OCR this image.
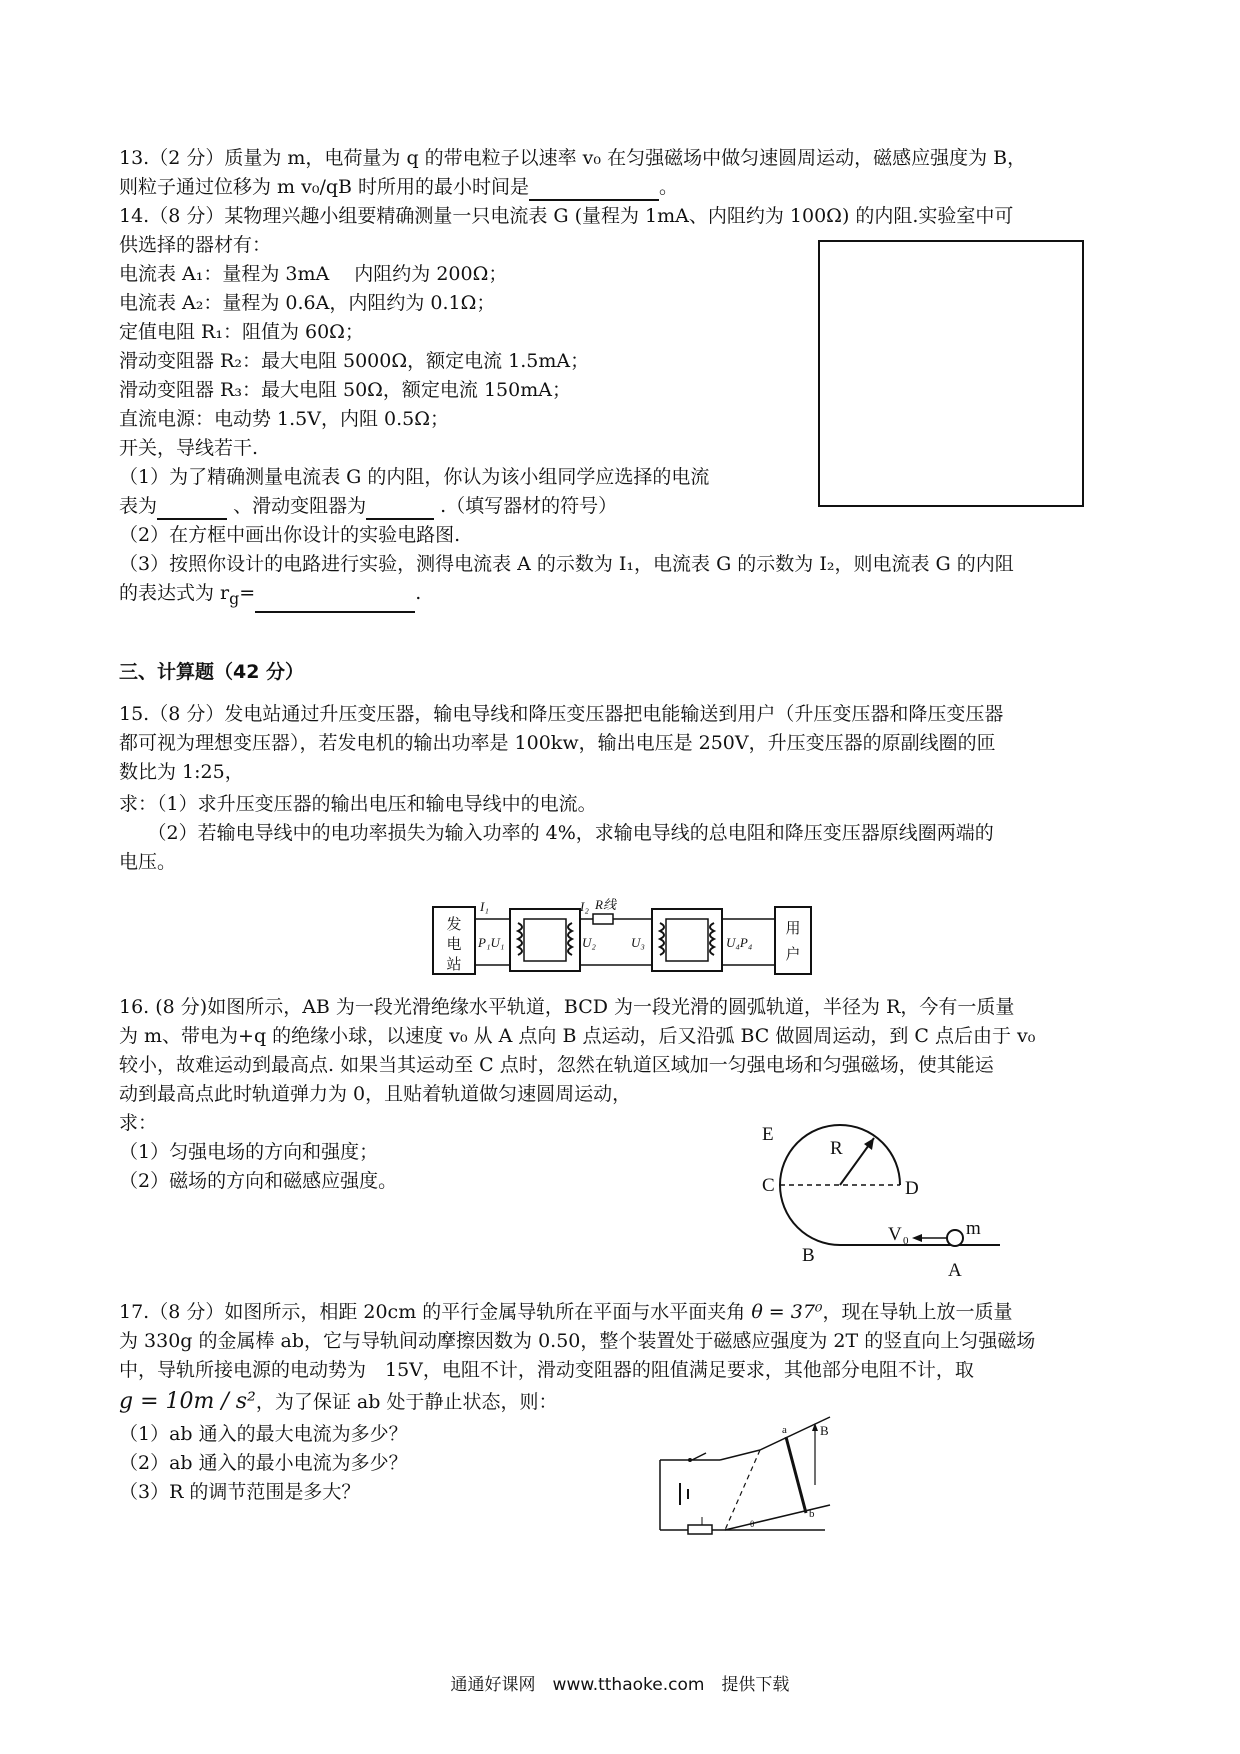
13.（2 分）质量为 m，电荷量为 q 的带电粒子以速率 v₀ 在匀强磁场中做匀速圆周运动，磁感应强度为 B，
则粒子通过位移为 m v₀/qB 时所用的最小时间是	。
14.（8 分）某物理兴趣小组要精确测量一只电流表 G (量程为 1mA、内阻约为 100Ω) 的内阻.实验室中可
供选择的器材有：
电流表 A₁：量程为 3mA　 内阻约为 200Ω；
电流表 A₂：量程为 0.6A，内阻约为 0.1Ω；
定值电阻 R₁：阻值为 60Ω；
滑动变阻器 R₂：最大电阻 5000Ω，额定电流 1.5mA；
滑动变阻器 R₃：最大电阻 50Ω，额定电流 150mA；
直流电源：电动势 1.5V，内阻 0.5Ω；
开关，导线若干.
（1）为了精确测量电流表 G 的内阻，你认为该小组同学应选择的电流
表为	、滑动变阻器为	.（填写器材的符号）
（2）在方框中画出你设计的实验电路图.
（3）按照你设计的电路进行实验，测得电流表 A 的示数为 I₁，电流表 G 的示数为 I₂，则电流表 G 的内阻
的表达式为 $r_g=$	.
三、计算题（42 分）
15.（8 分）发电站通过升压变压器，输电导线和降压变压器把电能输送到用户（升压变压器和降压变压器
都可视为理想变压器），若发电机的输出功率是 100kw，输出电压是 250V，升压变压器的原副线圈的匝
数比为 1:25，
求：（1）求升压变压器的输出电压和输电导线中的电流。
　　（2）若输电导线中的电功率损失为输入功率的 4%，求输电导线的总电阻和降压变压器原线圈两端的
电压。
发
电
站
用
户
I₁	I₂ R线
P₁U₁	U₂	U₃	U₄P₄
16. (8 分)如图所示，AB 为一段光滑绝缘水平轨道，BCD 为一段光滑的圆弧轨道，半径为 R，今有一质量
为 m、带电为+q 的绝缘小球，以速度 v₀ 从 A 点向 B 点运动，后又沿弧 BC 做圆周运动，到 C 点后由于 v₀
较小，故难运动到最高点. 如果当其运动至 C 点时，忽然在轨道区域加一匀强电场和匀强磁场，使其能运
动到最高点此时轨道弹力为 0，且贴着轨道做匀速圆周运动，
求：
（1）匀强电场的方向和强度；
（2）磁场的方向和磁感应强度。
E
R
C	D
B
V 0
m
A
17.（8 分）如图所示，相距 20cm 的平行金属导轨所在平面与水平面夹角 θ = 37⁰，现在导轨上放一质量
为 330g 的金属棒 ab，它与导轨间动摩擦因数为 0.50，整个装置处于磁感应强度为 2T 的竖直向上匀强磁场
中，导轨所接电源的电动势为　15V，电阻不计，滑动变阻器的阻值满足要求，其他部分电阻不计，取
g = 10m / s²，为了保证 ab 处于静止状态，则：
（1）ab 通入的最大电流为多少？
（2）ab 通入的最小电流为多少？
（3）R 的调节范围是多大？
a
b
B
θ
通通好课网　www.tthaoke.com　提供下载
